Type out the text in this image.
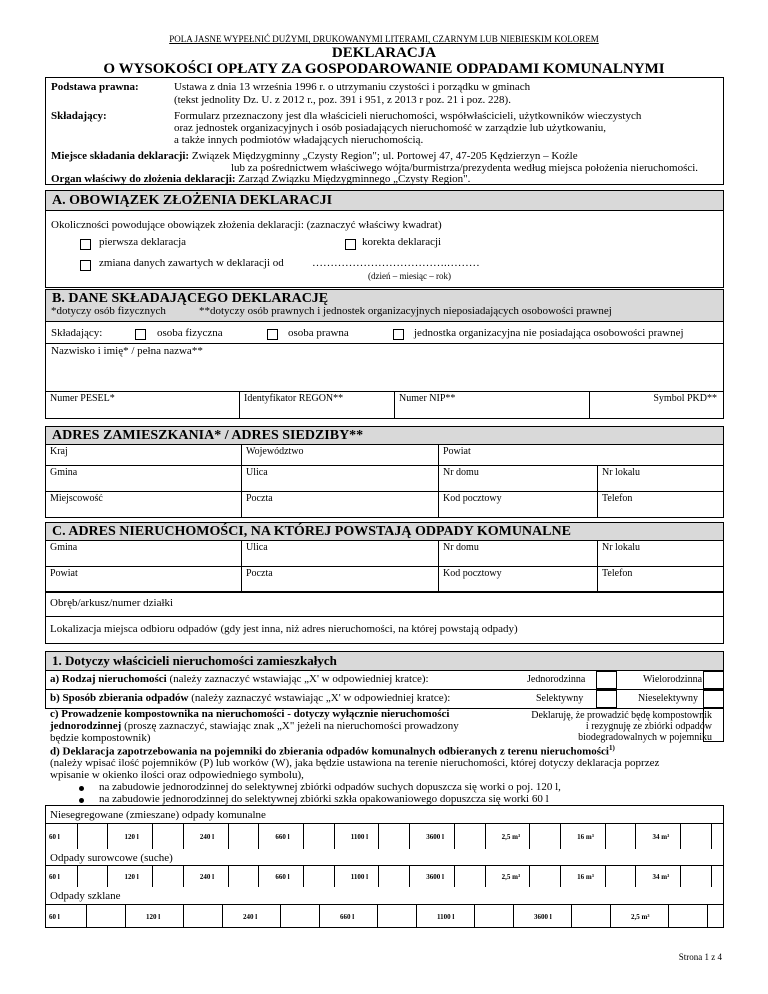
POLA JASNE WYPEŁNIĆ DUŻYMI, DRUKOWANYMI LITERAMI, CZARNYM LUB NIEBIESKIM KOLOREM
DEKLARACJA
O WYSOKOŚCI OPŁATY ZA GOSPODAROWANIE ODPADAMI KOMUNALNYMI
Podstawa prawna:	Ustawa z dnia 13 września 1996 r. o utrzymaniu czystości i porządku w gminach
(tekst jednolity Dz. U. z 2012 r., poz. 391 i 951, z 2013 r poz. 21 i poz. 228).
Składający:	Formularz przeznaczony jest dla właścicieli nieruchomości, współwłaścicieli, użytkowników wieczystych
oraz jednostek organizacyjnych i osób posiadających nieruchomość w zarządzie lub użytkowaniu,
a także innych podmiotów władających nieruchomością.
Miejsce składania deklaracji: Związek Międzygminny „Czysty Region"; ul. Portowej 47, 47-205 Kędzierzyn – Koźle
lub za pośrednictwem właściwego wójta/burmistrza/prezydenta według miejsca położenia nieruchomości.
Organ właściwy do złożenia deklaracji: Zarząd Związku Międzygminnego „Czysty Region".
A. OBOWIĄZEK ZŁOŻENIA DEKLARACJI
Okoliczności powodujące obowiązek złożenia deklaracji: (zaznaczyć właściwy kwadrat)
pierwsza deklaracja	korekta deklaracji
zmiana danych zawartych w deklaracji od	……………………………….………
(dzień – miesiąc – rok)
B. DANE SKŁADAJĄCEGO DEKLARACJĘ
*dotyczy osób fizycznych	**dotyczy osób prawnych i jednostek organizacyjnych nieposiadających osobowości prawnej
Składający:	osoba fizyczna	osoba prawna	jednostka organizacyjna nie posiadająca osobowości prawnej
Nazwisko i imię* / pełna nazwa**
Numer PESEL*	Identyfikator REGON**	Numer NIP**	Symbol PKD**
ADRES ZAMIESZKANIA* / ADRES SIEDZIBY**
Kraj	Województwo	Powiat	
Gmina	Ulica	Nr domu	Nr lokalu
Miejscowość	Poczta	Kod pocztowy	Telefon
C. ADRES NIERUCHOMOŚCI, NA KTÓREJ POWSTAJĄ ODPADY KOMUNALNE
Gmina	Ulica	Nr domu	Nr lokalu
Powiat	Poczta	Kod pocztowy	Telefon
Obręb/arkusz/numer działki
Lokalizacja miejsca odbioru odpadów (gdy jest inna, niż adres nieruchomości, na której powstają odpady)
1. Dotyczy właścicieli nieruchomości zamieszkałych
a) Rodzaj nieruchomości (należy zaznaczyć wstawiając „X' w odpowiedniej kratce):	Jednorodzinna	Wielorodzinna
b) Sposób zbierania odpadów (należy zaznaczyć wstawiając „X' w odpowiedniej kratce):	Selektywny	Nieselektywny
c) Prowadzenie kompostownika na nieruchomości - dotyczy wyłącznie nieruchomości
jednorodzinnej (proszę zaznaczyć, stawiając znak „X" jeżeli na nieruchomości prowadzony
będzie kompostownik)
Deklaruję, że prowadzić będę kompostownik
i rezygnuję ze zbiórki odpadów
biodegradowalnych w pojemniku
d) Deklaracja zapotrzebowania na pojemniki do zbierania odpadów komunalnych odbieranych z terenu nieruchomości$^{1)}$
(należy wpisać ilość pojemników (P) lub worków (W), jaka będzie ustawiona na terenie nieruchomości, której dotyczy deklaracja poprzez
wpisanie w okienko ilości oraz odpowiedniego symbolu),
na zabudowie jednorodzinnej do selektywnej zbiórki odpadów suchych dopuszcza się worki o poj. 120 l,
na zabudowie jednorodzinnej do selektywnej zbiórki szkła opakowaniowego dopuszcza się worki 60 l
Niesegregowane (zmieszane) odpady komunalne
60 l	120 l	240 l	660 l	1100 l	3600 l	2,5 m³	16 m³	34 m³
Odpady surowcowe (suche)
60 l	120 l	240 l	660 l	1100 l	3600 l	2,5 m³	16 m³	34 m³
Odpady szklane
60 l	120 l	240 l	660 l	1100 l	3600 l	2,5 m³
Strona 1 z 4
